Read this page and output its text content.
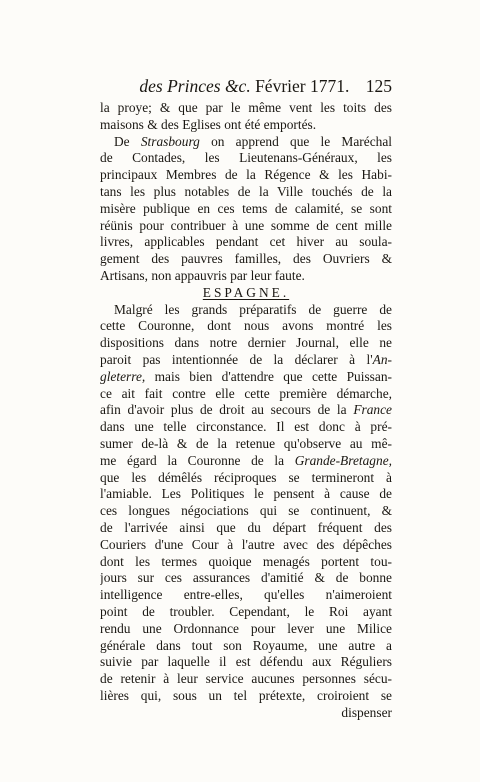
des Princes &c. Février 1771. 125
la proye; & que par le même vent les toits des
maisons & des Eglises ont été emportés.
De Strasbourg on apprend que le Maréchal
de Contades, les Lieutenans-Généraux, les
principaux Membres de la Régence & les Habi-
tans les plus notables de la Ville touchés de la
misère publique en ces tems de calamité, se sont
réünis pour contribuer à une somme de cent mille
livres, applicables pendant cet hiver au soula-
gement des pauvres familles, des Ouvriers &
Artisans, non appauvris par leur faute.
ESPAGNE.
Malgré les grands préparatifs de guerre de
cette Couronne, dont nous avons montré les
dispositions dans notre dernier Journal, elle ne
paroit pas intentionnée de la déclarer à l'An-
gleterre, mais bien d'attendre que cette Puissan-
ce ait fait contre elle cette première démarche,
afin d'avoir plus de droit au secours de la France
dans une telle circonstance. Il est donc à pré-
sumer de-là & de la retenue qu'observe au mê-
me égard la Couronne de la Grande-Bretagne,
que les démêlés réciproques se termineront à
l'amiable. Les Politiques le pensent à cause de
ces longues négociations qui se continuent, &
de l'arrivée ainsi que du départ fréquent des
Couriers d'une Cour à l'autre avec des dépêches
dont les termes quoique menagés portent tou-
jours sur ces assurances d'amitié & de bonne
intelligence entre-elles, qu'elles n'aimeroient
point de troubler. Cependant, le Roi ayant
rendu une Ordonnance pour lever une Milice
générale dans tout son Royaume, une autre a
suivie par laquelle il est défendu aux Réguliers
de retenir à leur service aucunes personnes sécu-
lières qui, sous un tel prétexte, croiroient se
dispenser
